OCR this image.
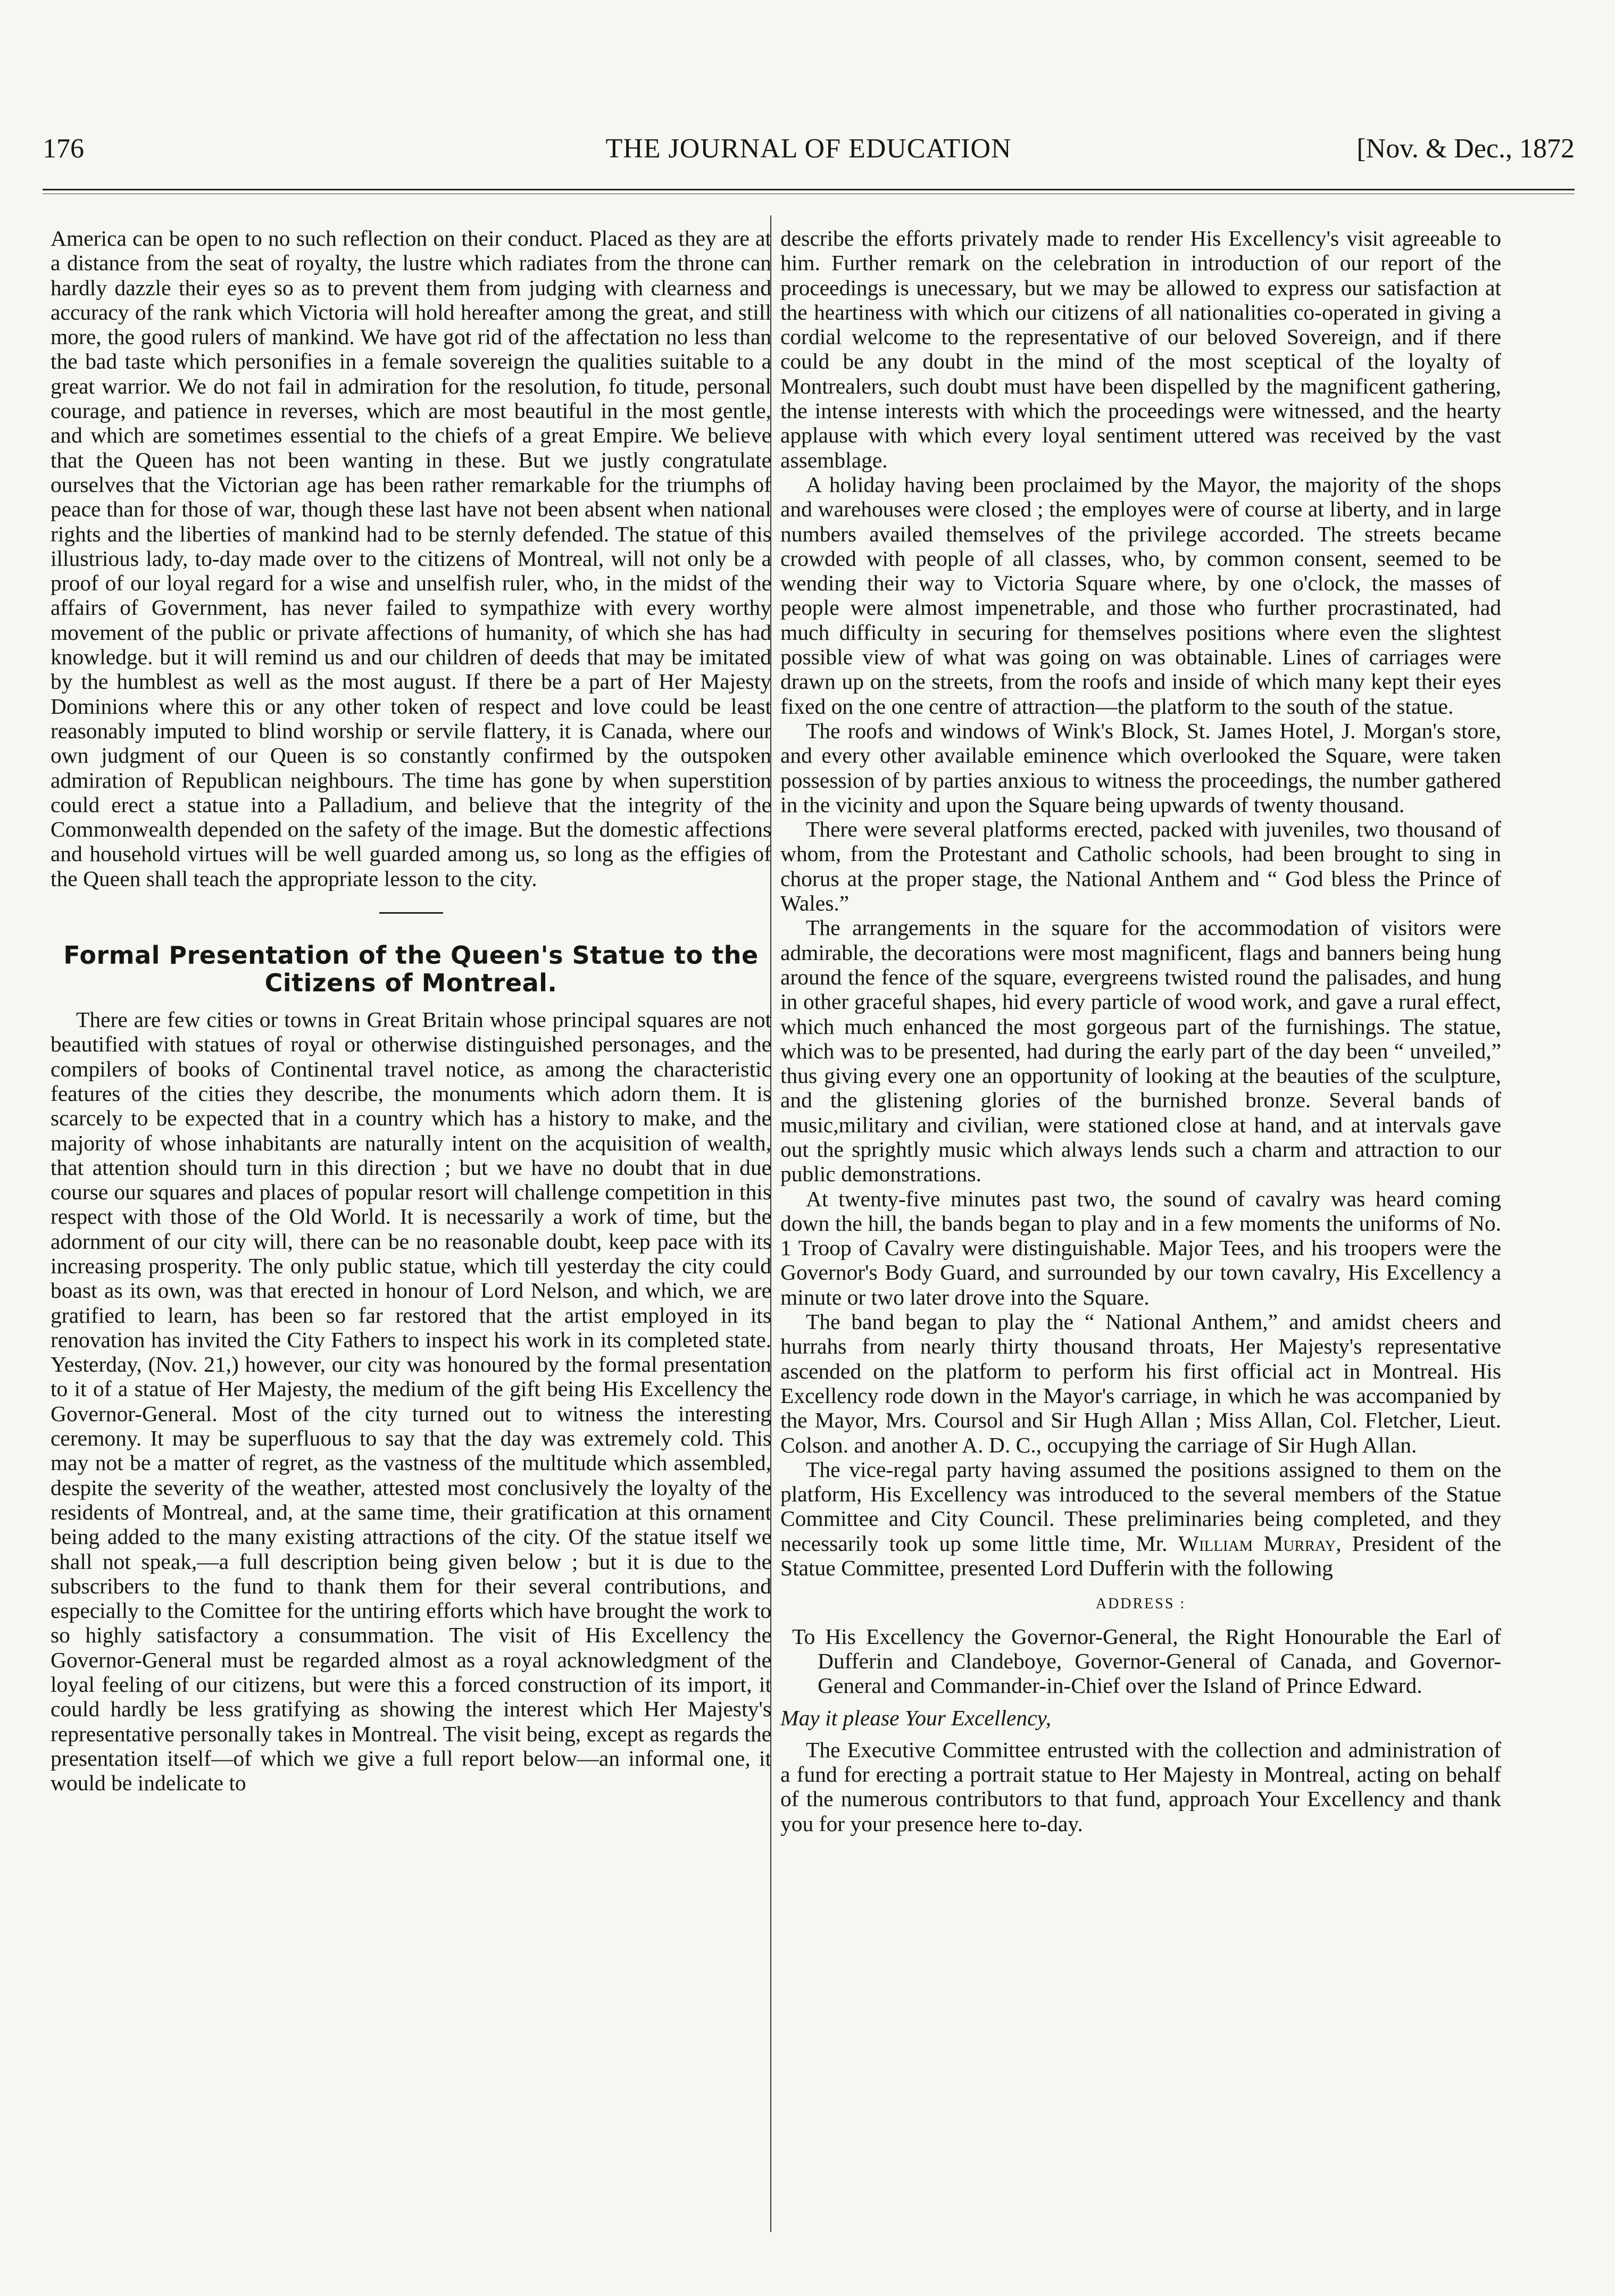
176	THE JOURNAL OF EDUCATION	[Nov. & Dec., 1872

America can be open to no such reflection on their conduct. Placed as they are at a distance from the seat of royalty, the lustre which radiates from the throne can hardly dazzle their eyes so as to prevent them from judging with clearness and accuracy of the rank which Victoria will hold hereafter among the great, and still more, the good rulers of mankind. We have got rid of the affectation no less than the bad taste which personifies in a female sovereign the qualities suitable to a great warrior. We do not fail in admiration for the resolution, fo titude, personal courage, and patience in reverses, which are most beautiful in the most gentle, and which are sometimes essential to the chiefs of a great Empire. We believe that the Queen has not been wanting in these. But we justly congratulate ourselves that the Victorian age has been rather remarkable for the triumphs of peace than for those of war, though these last have not been absent when national rights and the liberties of mankind had to be sternly defended. The statue of this illustrious lady, to-day made over to the citizens of Montreal, will not only be a proof of our loyal regard for a wise and unselfish ruler, who, in the midst of the affairs of Government, has never failed to sympathize with every worthy movement of the public or private affections of humanity, of which she has had knowledge. but it will remind us and our children of deeds that may be imitated by the humblest as well as the most august. If there be a part of Her Majesty Dominions where this or any other token of respect and love could be least reasonably imputed to blind worship or servile flattery, it is Canada, where our own judgment of our Queen is so constantly confirmed by the outspoken admiration of Republican neighbours. The time has gone by when superstition could erect a statue into a Palladium, and believe that the integrity of the Commonwealth depended on the safety of the image. But the domestic affections and household virtues will be well guarded among us, so long as the effigies of the Queen shall teach the appropriate lesson to the city.

Formal Presentation of the Queen's Statue to the Citizens of Montreal.

There are few cities or towns in Great Britain whose principal squares are not beautified with statues of royal or otherwise distinguished personages, and the compilers of books of Continental travel notice, as among the characteristic features of the cities they describe, the monuments which adorn them. It is scarcely to be expected that in a country which has a history to make, and the majority of whose inhabitants are naturally intent on the acquisition of wealth, that attention should turn in this direction ; but we have no doubt that in due course our squares and places of popular resort will challenge competition in this respect with those of the Old World. It is necessarily a work of time, but the adornment of our city will, there can be no reasonable doubt, keep pace with its increasing prosperity. The only public statue, which till yesterday the city could boast as its own, was that erected in honour of Lord Nelson, and which, we are gratified to learn, has been so far restored that the artist employed in its renovation has invited the City Fathers to inspect his work in its completed state. Yesterday, (Nov. 21,) however, our city was honoured by the formal presentation to it of a statue of Her Majesty, the medium of the gift being His Excellency the Governor-General. Most of the city turned out to witness the interesting ceremony. It may be superfluous to say that the day was extremely cold. This may not be a matter of regret, as the vastness of the multitude which assembled, despite the severity of the weather, attested most conclusively the loyalty of the residents of Montreal, and, at the same time, their gratification at this ornament being added to the many existing attractions of the city. Of the statue itself we shall not speak,—a full description being given below ; but it is due to the subscribers to the fund to thank them for their several contributions, and especially to the Comittee for the untiring efforts which have brought the work to so highly satisfactory a consummation. The visit of His Excellency the Governor-General must be regarded almost as a royal acknowledgment of the loyal feeling of our citizens, but were this a forced construction of its import, it could hardly be less gratifying as showing the interest which Her Majesty's representative personally takes in Montreal. The visit being, except as regards the presentation itself—of which we give a full report below—an informal one, it would be indelicate to

describe the efforts privately made to render His Excellency's visit agreeable to him. Further remark on the celebration in introduction of our report of the proceedings is unecessary, but we may be allowed to express our satisfaction at the heartiness with which our citizens of all nationalities co-operated in giving a cordial welcome to the representative of our beloved Sovereign, and if there could be any doubt in the mind of the most sceptical of the loyalty of Montrealers, such doubt must have been dispelled by the magnificent gathering, the intense interests with which the proceedings were witnessed, and the hearty applause with which every loyal sentiment uttered was received by the vast assemblage.

A holiday having been proclaimed by the Mayor, the majority of the shops and warehouses were closed ; the employes were of course at liberty, and in large numbers availed themselves of the privilege accorded. The streets became crowded with people of all classes, who, by common consent, seemed to be wending their way to Victoria Square where, by one o'clock, the masses of people were almost impenetrable, and those who further procrastinated, had much difficulty in securing for themselves positions where even the slightest possible view of what was going on was obtainable. Lines of carriages were drawn up on the streets, from the roofs and inside of which many kept their eyes fixed on the one centre of attraction—the platform to the south of the statue.

The roofs and windows of Wink's Block, St. James Hotel, J. Morgan's store, and every other available eminence which overlooked the Square, were taken possession of by parties anxious to witness the proceedings, the number gathered in the vicinity and upon the Square being upwards of twenty thousand.

There were several platforms erected, packed with juveniles, two thousand of whom, from the Protestant and Catholic schools, had been brought to sing in chorus at the proper stage, the National Anthem and “ God bless the Prince of Wales.”

The arrangements in the square for the accommodation of visitors were admirable, the decorations were most magnificent, flags and banners being hung around the fence of the square, evergreens twisted round the palisades, and hung in other graceful shapes, hid every particle of wood work, and gave a rural effect, which much enhanced the most gorgeous part of the furnishings. The statue, which was to be presented, had during the early part of the day been “ unveiled,” thus giving every one an opportunity of looking at the beauties of the sculpture, and the glistening glories of the burnished bronze. Several bands of music,military and civilian, were stationed close at hand, and at intervals gave out the sprightly music which always lends such a charm and attraction to our public demonstrations.

At twenty-five minutes past two, the sound of cavalry was heard coming down the hill, the bands began to play and in a few moments the uniforms of No. 1 Troop of Cavalry were distinguishable. Major Tees, and his troopers were the Governor's Body Guard, and surrounded by our town cavalry, His Excellency a minute or two later drove into the Square.

The band began to play the “ National Anthem,” and amidst cheers and hurrahs from nearly thirty thousand throats, Her Majesty's representative ascended on the platform to perform his first official act in Montreal. His Excellency rode down in the Mayor's carriage, in which he was accompanied by the Mayor, Mrs. Coursol and Sir Hugh Allan ; Miss Allan, Col. Fletcher, Lieut. Colson. and another A. D. C., occupying the carriage of Sir Hugh Allan.

The vice-regal party having assumed the positions assigned to them on the platform, His Excellency was introduced to the several members of the Statue Committee and City Council. These preliminaries being completed, and they necessarily took up some little time, Mr. William Murray, President of the Statue Committee, presented Lord Dufferin with the following

ADDRESS :

To His Excellency the Governor-General, the Right Honourable the Earl of Dufferin and Clandeboye, Governor-General of Canada, and Governor-General and Commander-in-Chief over the Island of Prince Edward.

May it please Your Excellency,

The Executive Committee entrusted with the collection and administration of a fund for erecting a portrait statue to Her Majesty in Montreal, acting on behalf of the numerous contributors to that fund, approach Your Excellency and thank you for your presence here to-day.
